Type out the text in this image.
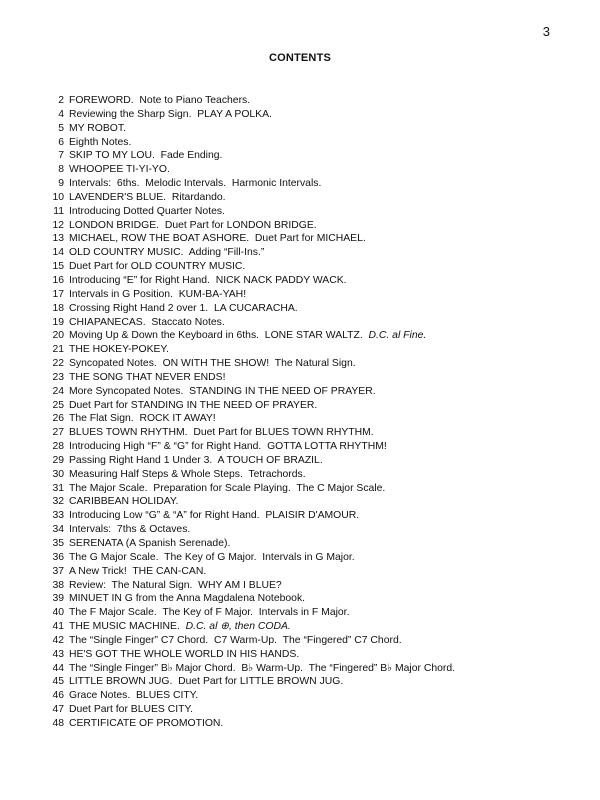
3
CONTENTS
2 FOREWORD.  Note to Piano Teachers.
4 Reviewing the Sharp Sign.  PLAY A POLKA.
5 MY ROBOT.
6 Eighth Notes.
7 SKIP TO MY LOU.  Fade Ending.
8 WHOOPEE TI-YI-YO.
9 Intervals:  6ths.  Melodic Intervals.  Harmonic Intervals.
10 LAVENDER'S BLUE.  Ritardando.
11 Introducing Dotted Quarter Notes.
12 LONDON BRIDGE.  Duet Part for LONDON BRIDGE.
13 MICHAEL, ROW THE BOAT ASHORE.  Duet Part for MICHAEL.
14 OLD COUNTRY MUSIC.  Adding “Fill-Ins.”
15 Duet Part for OLD COUNTRY MUSIC.
16 Introducing “E” for Right Hand.  NICK NACK PADDY WACK.
17 Intervals in G Position.  KUM-BA-YAH!
18 Crossing Right Hand 2 over 1.  LA CUCARACHA.
19 CHIAPANECAS.  Staccato Notes.
20 Moving Up & Down the Keyboard in 6ths.  LONE STAR WALTZ. D.C. al Fine.
21 THE HOKEY-POKEY.
22 Syncopated Notes.  ON WITH THE SHOW!  The Natural Sign.
23 THE SONG THAT NEVER ENDS!
24 More Syncopated Notes.  STANDING IN THE NEED OF PRAYER.
25 Duet Part for STANDING IN THE NEED OF PRAYER.
26 The Flat Sign.  ROCK IT AWAY!
27 BLUES TOWN RHYTHM.  Duet Part for BLUES TOWN RHYTHM.
28 Introducing High “F” & “G” for Right Hand.  GOTTA LOTTA RHYTHM!
29 Passing Right Hand 1 Under 3.  A TOUCH OF BRAZIL.
30 Measuring Half Steps & Whole Steps.  Tetrachords.
31 The Major Scale.  Preparation for Scale Playing.  The C Major Scale.
32 CARIBBEAN HOLIDAY.
33 Introducing Low “G” & “A” for Right Hand.  PLAISIR D'AMOUR.
34 Intervals:  7ths & Octaves.
35 SERENATA (A Spanish Serenade).
36 The G Major Scale.  The Key of G Major.  Intervals in G Major.
37 A New Trick!  THE CAN-CAN.
38 Review:  The Natural Sign.  WHY AM I BLUE?
39 MINUET IN G from the Anna Magdalena Notebook.
40 The F Major Scale.  The Key of F Major.  Intervals in F Major.
41 THE MUSIC MACHINE. D.C. al ⊕, then CODA.
42 The “Single Finger” C7 Chord.  C7 Warm-Up.  The “Fingered” C7 Chord.
43 HE'S GOT THE WHOLE WORLD IN HIS HANDS.
44 The “Single Finger” B♭ Major Chord.  B♭ Warm-Up.  The “Fingered” B♭ Major Chord.
45 LITTLE BROWN JUG.  Duet Part for LITTLE BROWN JUG.
46 Grace Notes.  BLUES CITY.
47 Duet Part for BLUES CITY.
48 CERTIFICATE OF PROMOTION.
